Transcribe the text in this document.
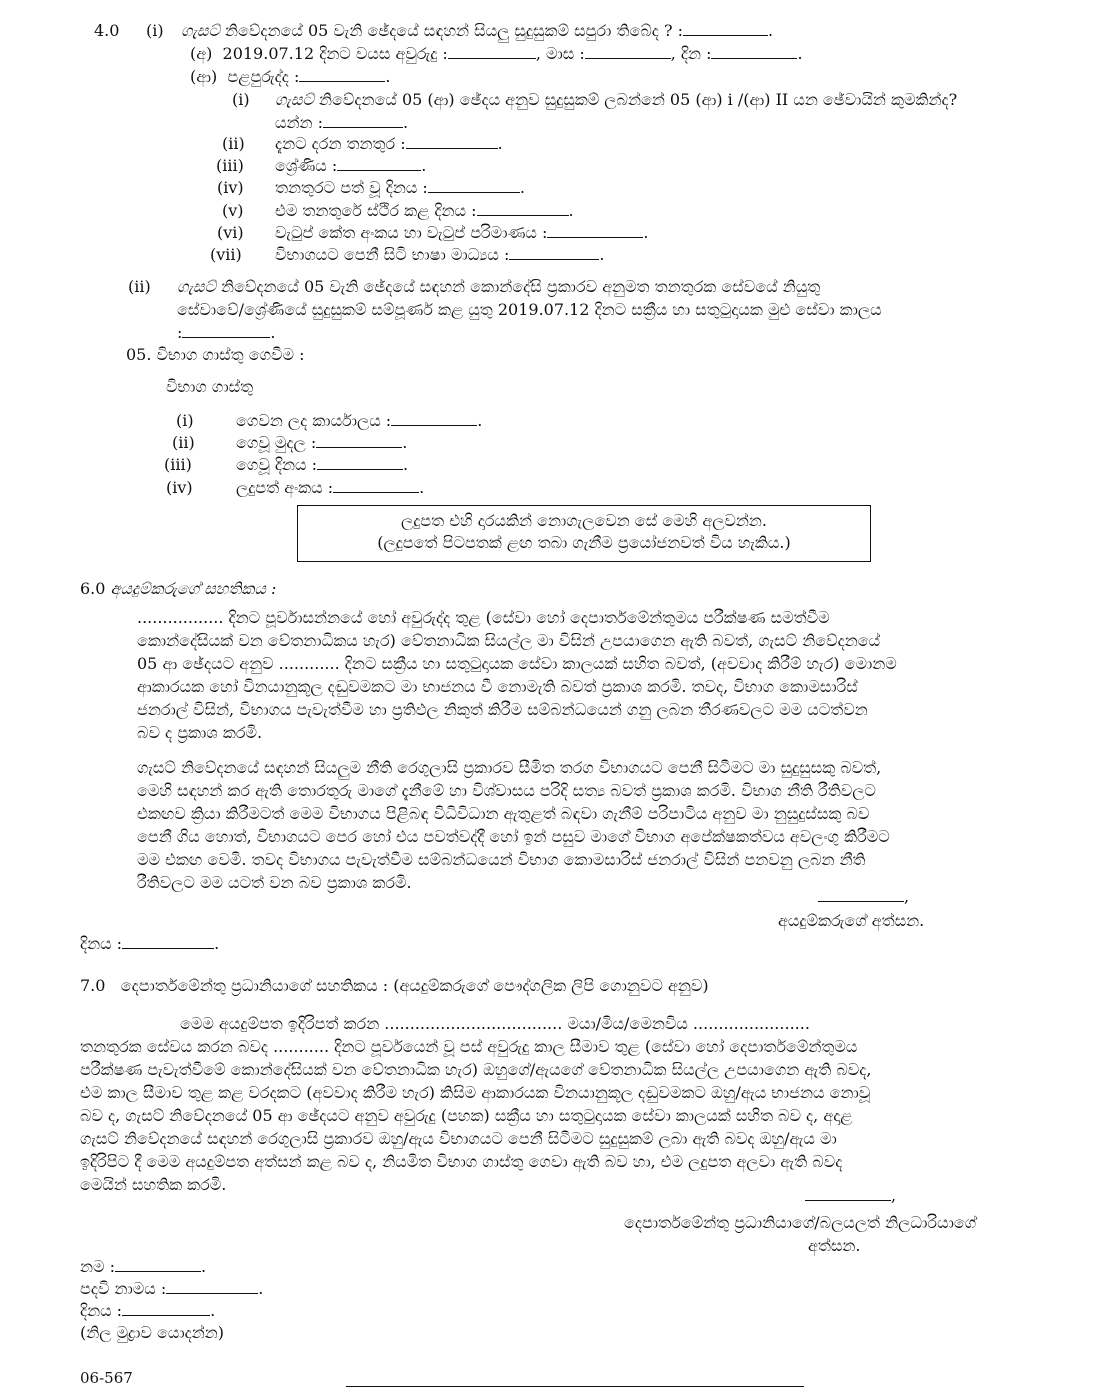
4.0 (i) ගැසට් නිවේදනයේ 05 වැනි ඡේදයේ සඳහන් සියලු සුදුසුකම් සපුරා තිබේද ? :	.
(අ) 2019.07.12 දිනට වයස අවුරුදු :	, මාස :	, දින :	.
(ආ) පළපුරුද්ද :	.
(i) ගැසට් නිවේදනයේ 05 (ආ) ඡේදය අනුව සුදුසුකම් ලබන්නේ 05 (ආ) i /(ආ) II යන ඡේවායින් කුමකින්ද?
යන්න :	.
(ii) දැනට දරන තනතුර :	.
(iii) ශ්‍රේණිය :	.
(iv) තනතුරට පත් වූ දිනය :	.
(v) එම තනතුරේ ස්ථිර කළ දිනය :	.
(vi) වැටුප් කේත අංකය හා වැටුප් පරිමාණය :	.
(vii) විභාගයට පෙනී සිටි භාෂා මාධ්‍යය :	.
(ii) ගැසට් නිවේදනයේ 05 වැනි ඡේදයේ සඳහන් කොන්දේසි ප්‍රකාරව අනුමත තනතුරක සේවයේ නියුතු
සේවාවේ/ශ්‍රේණියේ සුදුසුකම් සම්පූර්ණ කළ යුතු 2019.07.12 දිනට සක්‍රීය හා සතුටුදායක මුළු සේවා කාලය
:	.
05. විභාග ගාස්තු ගෙවීම :
විභාග ගාස්තු
(i)	ගෙවන ලද කාර්යාලය :	.
(ii)	ගෙවූ මුදල :	.
(iii)	ගෙවූ දිනය :	.
(iv)	ලදුපත් අංකය :	.
ලදුපත එහි දාරයකින් නොගැලවෙන සේ මෙහි අලවන්න.
(ලදුපතේ පිටපතක් ළඟ තබා ගැනීම ප්‍රයෝජනවත් විය හැකිය.)
6.0 අයදුම්කරුගේ සහතිකය :
................. දිනට පූර්වාසන්නයේ හෝ අවුරුද්ද තුළ (සේවා හෝ දෙපාර්තමේන්තුමය පරීක්ෂණ සමත්වීම
කොන්දේසියක් වන වේතනාධිකය හැර) වේතනාධික සියල්ල මා විසින් උපයාගෙන ඇති බවත්, ගැසට් නිවේදනයේ
05 ආ ඡේදයට අනුව ............ දිනට සක්‍රීය හා සතුටුදායක සේවා කාලයක් සහිත බවත්, (අවවාද කිරීම් හැර) මොනම
ආකාරයක හෝ විනයානුකූල දඬුවමකට මා භාජනය වී නොමැති බවත් ප්‍රකාශ කරමි. තවද, විභාග කොමසාරිස්
ජනරාල් විසින්, විභාගය පැවැත්වීම හා ප්‍රතිඵල නිකුත් කිරීම සම්බන්ධයෙන් ගනු ලබන තීරණවලට මම යටත්වන
බව ද ප්‍රකාශ කරමි.
ගැසට් නිවේදනයේ සඳහන් සියලුම නීති රෙගුලාසි ප්‍රකාරව සීමිත තරග විභාගයට පෙනී සිටීමට මා සුදුසුසකු බවත්,
මෙහි සඳහන් කර ඇති තොරතුරු මාගේ දැනීමේ හා විශ්වාසය පරිදි සත්‍ය බවත් ප්‍රකාශ කරමි. විභාග නීති රීතිවලට
එකඟව ක්‍රියා කිරීමටත් මෙම විභාගය පිළිබඳ විධිවිධාන ඇතුළත් බඳවා ගැනීම් පරිපාටිය අනුව මා නුසුදුස්සකු බව
පෙනී ගිය හොත්, විභාගයට පෙර හෝ එය පවත්වද්දී හෝ ඉන් පසුව මාගේ විභාග අපේක්ෂකත්වය අවලංගු කිරීමට
මම එකඟ වෙමි. තවද විභාගය පැවැත්වීම සම්බන්ධයෙන් විභාග කොමසාරිස් ජනරාල් විසින් පනවනු ලබන නීති
රීතිවලට මම යටත් වන බව ප්‍රකාශ කරමි.
,
අයදුම්කරුගේ අත්සන.
දිනය :	.
7.0 දෙපාර්තමේන්තු ප්‍රධානියාගේ සහතිකය : (අයදුම්කරුගේ පෞද්ගලික ලිපි ගොනුවට අනුව)
මෙම අයදුම්පත ඉදිරිපත් කරන ................................... මයා/මිය/මෙනවිය .......................
තනතුරක සේවය කරන බවද ........... දිනට පූර්වයෙන් වූ පස් අවුරුදු කාල සීමාව තුළ (සේවා හෝ දෙපාර්තමේන්තුමය
පරීක්ෂණ පැවැත්වීමේ කොන්දේසියක් වන වේතනාධික හැර) ඔහුගේ/ඇයගේ වේතනාධික සියල්ල උපයාගෙන ඇති බවද,
එම කාල සීමාව තුළ කළ වරදකට (අවවාද කිරීම හැර) කිසිම ආකාරයක විනයානුකූල දඬුවමකට ඔහු/ඇය භාජනය නොවූ
බව ද, ගැසට් නිවේදනයේ 05 ආ ඡේදයට අනුව අවුරුදු (පහක) සක්‍රීය හා සතුටුදායක සේවා කාලයක් සහිත බව ද, අදාළ
ගැසට් නිවේදනයේ සඳහන් රෙගුලාසි ප්‍රකාරව ඔහු/ඇය විභාගයට පෙනී සිටීමට සුදුසුකම් ලබා ඇති බවද ඔහු/ඇය මා
ඉදිරිපිට දී මෙම අයදුම්පත අත්සන් කළ බව ද, නියමිත විභාග ගාස්තු ගෙවා ඇති බව හා, එම ලදුපත අලවා ඇති බවද
මෙයින් සහතික කරමි.
,
දෙපාර්තමේන්තු ප්‍රධානියාගේ/බලයලත් නිලධාරියාගේ
අත්සන.
නම :	.
පදවි නාමය :	.
දිනය :	.
(නිල මුද්‍රාව යොදන්න)
06-567
